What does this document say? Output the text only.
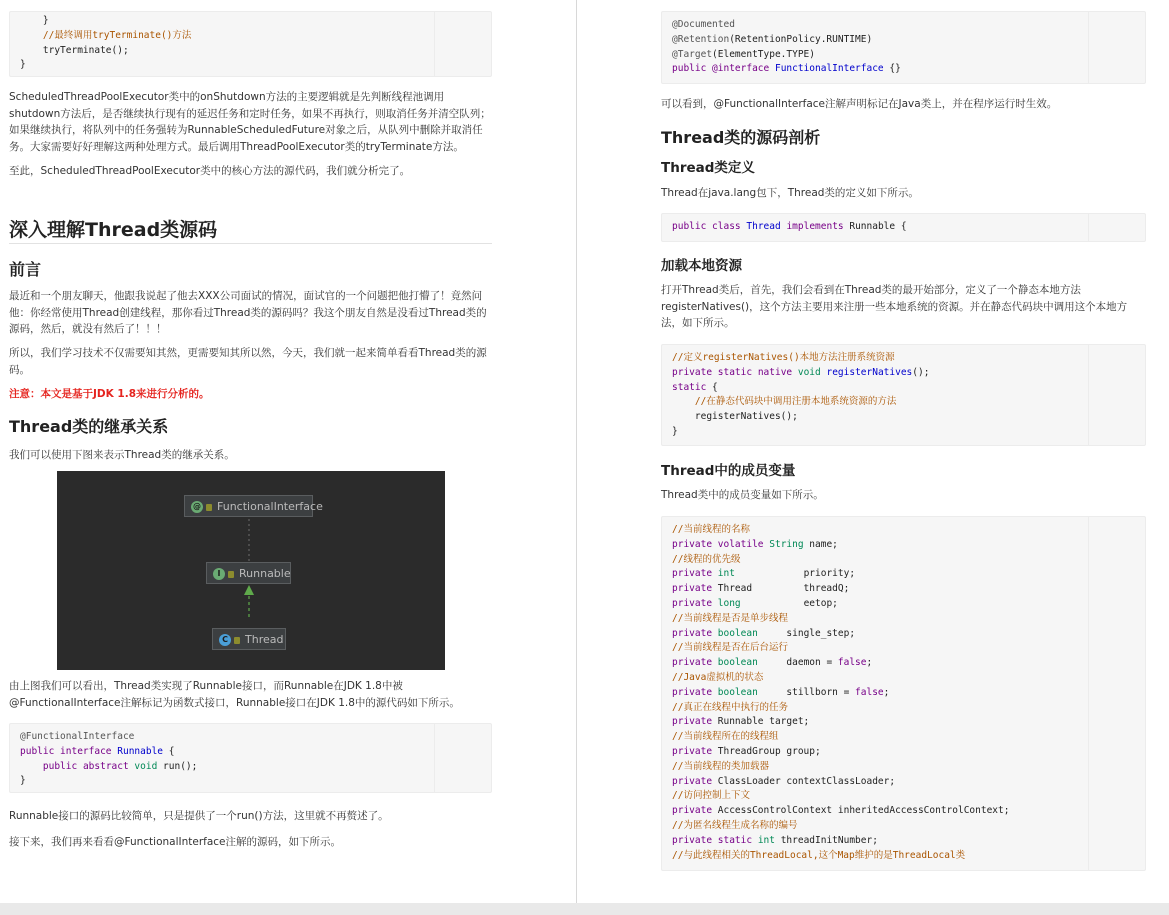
}
//最终调用tryTerminate()方法
tryTerminate();
}

ScheduledThreadPoolExecutor类中的onShutdown方法的主要逻辑就是先判断线程池调用shutdown方法后，是否继续执行现有的延迟任务和定时任务，如果不再执行，则取消任务并清空队列；如果继续执行，将队列中的任务强转为RunnableScheduledFuture对象之后，从队列中删除并取消任务。大家需要好好理解这两种处理方式。最后调用ThreadPoolExecutor类的tryTerminate方法。

至此，ScheduledThreadPoolExecutor类中的核心方法的源代码，我们就分析完了。

深入理解Thread类源码
前言

最近和一个朋友聊天，他跟我说起了他去XXX公司面试的情况，面试官的一个问题把他打懵了！竟然问他：你经常使用Thread创建线程，那你看过Thread类的源码吗？我这个朋友自然是没看过Thread类的源码，然后，就没有然后了！！！

所以，我们学习技术不仅需要知其然，更需要知其所以然，今天，我们就一起来简单看看Thread类的源码。

注意：本文是基于JDK 1.8来进行分析的。

Thread类的继承关系

我们可以使用下图来表示Thread类的继承关系。

@ FunctionalInterface
I Runnable
C Thread

由上图我们可以看出，Thread类实现了Runnable接口，而Runnable在JDK 1.8中被@FunctionalInterface注解标记为函数式接口，Runnable接口在JDK 1.8中的源代码如下所示。

@FunctionalInterface
public interface Runnable {
public abstract void run();
}

Runnable接口的源码比较简单，只是提供了一个run()方法，这里就不再赘述了。

接下来，我们再来看看@FunctionalInterface注解的源码，如下所示。

@Documented
@Retention(RetentionPolicy.RUNTIME)
@Target(ElementType.TYPE)
public @interface FunctionalInterface {}

可以看到，@FunctionalInterface注解声明标记在Java类上，并在程序运行时生效。

Thread类的源码剖析
Thread类定义

Thread在java.lang包下，Thread类的定义如下所示。

public class Thread implements Runnable {
加载本地资源

打开Thread类后，首先，我们会看到在Thread类的最开始部分，定义了一个静态本地方法registerNatives()，这个方法主要用来注册一些本地系统的资源。并在静态代码块中调用这个本地方法，如下所示。

//定义registerNatives()本地方法注册系统资源
private static native void registerNatives();
static {
//在静态代码块中调用注册本地系统资源的方法
registerNatives();
}
Thread中的成员变量

Thread类中的成员变量如下所示。

//当前线程的名称
private volatile String name;
//线程的优先级
private int            priority;
private Thread         threadQ;
private long           eetop;
//当前线程是否是单步线程
private boolean     single_step;
//当前线程是否在后台运行
private boolean     daemon = false;
//Java虚拟机的状态
private boolean     stillborn = false;
//真正在线程中执行的任务
private Runnable target;
//当前线程所在的线程组
private ThreadGroup group;
//当前线程的类加载器
private ClassLoader contextClassLoader;
//访问控制上下文
private AccessControlContext inheritedAccessControlContext;
//为匿名线程生成名称的编号
private static int threadInitNumber;
//与此线程相关的ThreadLocal,这个Map维护的是ThreadLocal类
